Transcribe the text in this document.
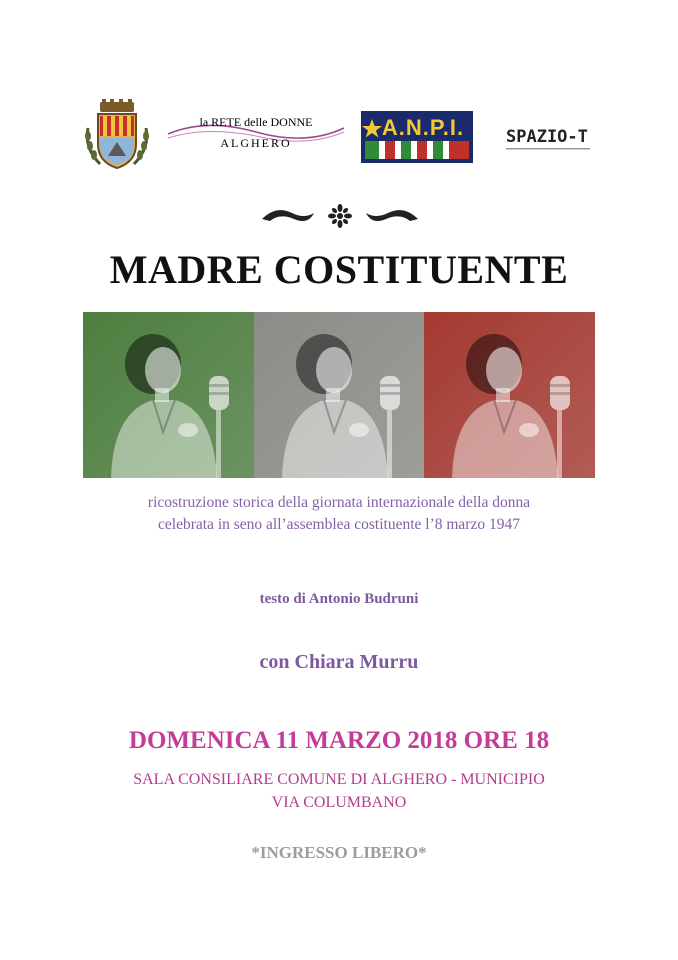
la RETE delle DONNE
ALGHERO
A.N.P.I. SPAZIO-T
MADRE COSTITUENTE
ricostruzione storica della giornata internazionale della donna
celebrata in seno all’assemblea costituente l’8 marzo 1947
testo di Antonio Budruni
con Chiara Murru
DOMENICA 11 MARZO 2018 ORE 18
SALA CONSILIARE COMUNE DI ALGHERO - MUNICIPIO
VIA COLUMBANO
*INGRESSO LIBERO*
